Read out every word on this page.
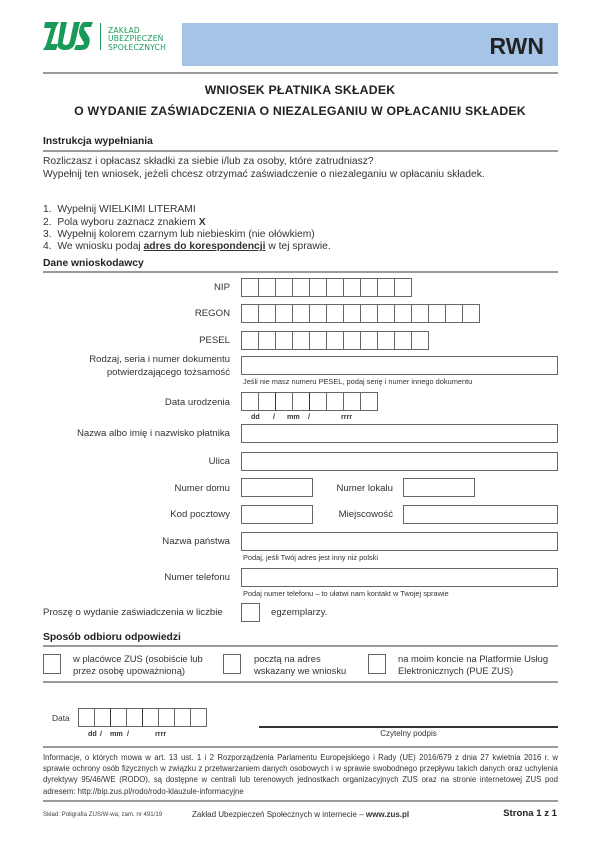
ZAKŁAD
UBEZPIECZEŃ
SPOŁECZNYCH	RWN
WNIOSEK PŁATNIKA SKŁADEK
O WYDANIE ZAŚWIADCZENIA O NIEZALEGANIU W OPŁACANIU SKŁADEK
Instrukcja wypełniania
Rozliczasz i opłacasz składki za siebie i/lub za osoby, które zatrudniasz?
Wypełnij ten wniosek, jeżeli chcesz otrzymać zaświadczenie o niezaleganiu w opłacaniu składek.
1. Wypełnij WIELKIMI LITERAMI
2. Pola wyboru zaznacz znakiem X
3. Wypełnij kolorem czarnym lub niebieskim (nie ołówkiem)
4. We wniosku podaj adres do korespondencji w tej sprawie.
Dane wnioskodawcy
NIP
REGON
PESEL
Rodzaj, seria i numer dokumentu
potwierdzającego tożsamość
Jeśli nie masz numeru PESEL, podaj serię i numer innego dokumentu
Data urodzenia
dd / mm /	rrrr
Nazwa albo imię i nazwisko płatnika
Ulica
Numer domu	Numer lokalu
Kod pocztowy	Miejscowość
Nazwa państwa
Podaj, jeśli Twój adres jest inny niż polski
Numer telefonu
Podaj numer telefonu – to ułatwi nam kontakt w Twojej sprawie
Proszę o wydanie zaświadczenia w liczbie	egzemplarzy.
Sposób odbioru odpowiedzi
w placówce ZUS (osobiście lub
przez osobę upoważnioną)
pocztą na adres
wskazany we wniosku
na moim koncie na Platformie Usług
Elektronicznych (PUE ZUS)
Data
dd / mm /	rrrr	Czytelny podpis
Informacje, o których mowa w art. 13 ust. 1 i 2 Rozporządzenia Parlamentu Europejskiego i Rady (UE) 2016/679 z dnia 27 kwietnia 2016 r. w sprawie ochrony osób fizycznych w związku z przetwarzaniem danych osobowych i w sprawie swobodnego przepływu takich danych oraz uchylenia dyrektywy 95/46/WE (RODO), są dostępne w centrali lub terenowych jednostkach organizacyjnych ZUS oraz na stronie internetowej ZUS pod adresem: http://bip.zus.pl/rodo/rodo-klauzule-informacyjne
Skład: Poligrafia ZUS/W-wa; zam. nr 491/19	Zakład Ubezpieczeń Społecznych w internecie – www.zus.pl	Strona 1 z 1
